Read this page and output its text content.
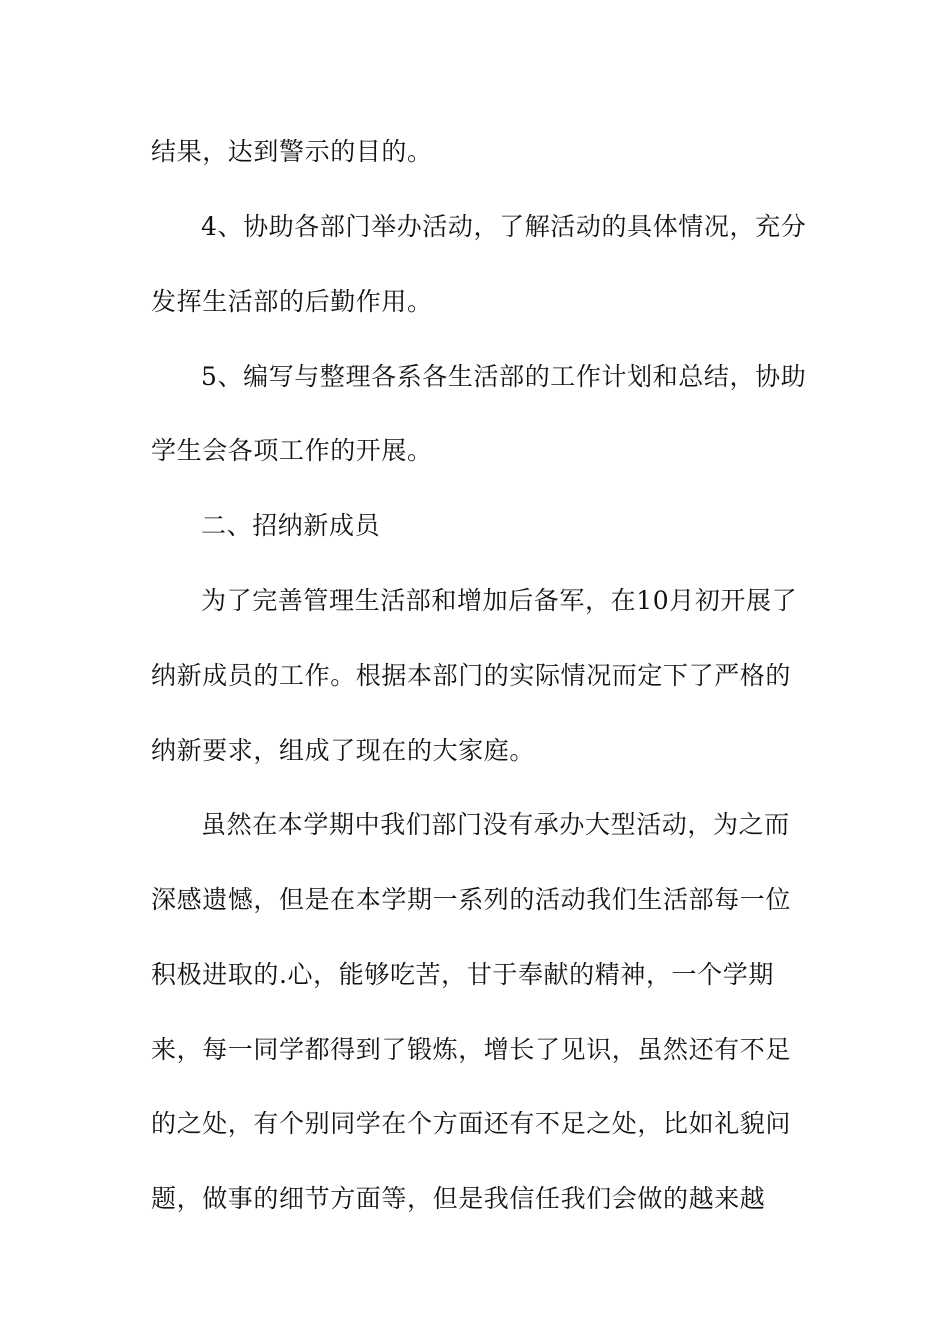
结果，达到警示的目的。
4、协助各部门举办活动，了解活动的具体情况，充分
发挥生活部的后勤作用。
5、编写与整理各系各生活部的工作计划和总结，协助
学生会各项工作的开展。
二、招纳新成员
为了完善管理生活部和增加后备军，在10月初开展了
纳新成员的工作。根据本部门的实际情况而定下了严格的
纳新要求，组成了现在的大家庭。
虽然在本学期中我们部门没有承办大型活动，为之而
深感遗憾，但是在本学期一系列的活动我们生活部每一位
积极进取的.心，能够吃苦，甘于奉献的精神，一个学期
来，每一同学都得到了锻炼，增长了见识，虽然还有不足
的之处，有个别同学在个方面还有不足之处，比如礼貌问
题，做事的细节方面等，但是我信任我们会做的越来越
